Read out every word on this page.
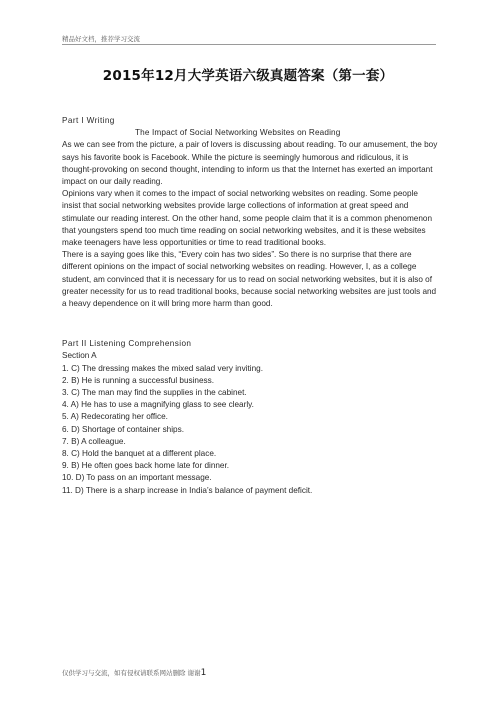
精品好文档，推荐学习交流
2015年12月大学英语六级真题答案（第一套）

Part I Writing

The Impact of Social Networking Websites on Reading

As we can see from the picture, a pair of lovers is discussing about reading. To our amusement, the boy says his favorite book is Facebook. While the picture is seemingly humorous and ridiculous, it is thought-provoking on second thought, intending to inform us that the Internet has exerted an important impact on our daily reading.

Opinions vary when it comes to the impact of social networking websites on reading. Some people insist that social networking websites provide large collections of information at great speed and stimulate our reading interest. On the other hand, some people claim that it is a common phenomenon that youngsters spend too much time reading on social networking websites, and it is these websites make teenagers have less opportunities or time to read traditional books.

There is a saying goes like this, “Every coin has two sides”. So there is no surprise that there are different opinions on the impact of social networking websites on reading. However, I, as a college student, am convinced that it is necessary for us to read on social networking websites, but it is also of greater necessity for us to read traditional books, because social networking websites are just tools and a heavy dependence on it will bring more harm than good.

Part II Listening Comprehension

Section A

1. C) The dressing makes the mixed salad very inviting.
2. B) He is running a successful business.
3. C) The man may find the supplies in the cabinet.
4. A) He has to use a magnifying glass to see clearly.
5. A) Redecorating her office.
6. D) Shortage of container ships.
7. B) A colleague.
8. C) Hold the banquet at a different place.
9. B) He often goes back home late for dinner.
10. D) To pass on an important message.
11. D) There is a sharp increase in India’s balance of payment deficit.
仅供学习与交流，如有侵权请联系网站删除 谢谢1
